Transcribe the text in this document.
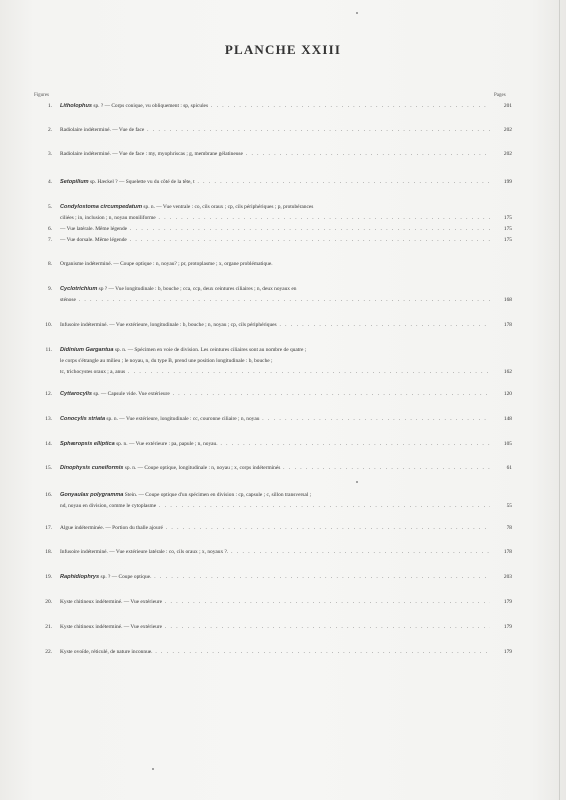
PLANCHE XXIII
Figures	Pages
1. Litholophus sp. ? — Corps conique, vu obliquement : sp, spicules . . .	201
2. Radiolaire indéterminé. — Vue de face . . .	202
3. Radiolaire indéterminé. — Vue de face : my, myophriscas ; g, membrane gélatineuse . . .	202
4. Setopilium sp. Hæckel ? — Squelette vu du côté de la tête, t . . .	199
5. Condylostoma circumpedatum sp. n. — Vue ventrale : co, cils oraux ; cp, cils périphériques ; p, protubérances
ciliées ; in, inclusion ; n, noyau moniliforme . . .	175
6. — Vue latérale. Même légende . . .	175
7. — Vue dorsale. Même légende . . .	175
8. Organisme indéterminé. — Coupe optique : n, noyau? ; pr, protoplasme ; x, organe problématique.
9. Cyclotrichium sp ? — Vue longitudinale : b, bouche ; cca, ccp, deux ceintures ciliaires ; n, deux noyaux en
sténose . . .	168
10. Infusoire indéterminé. — Vue extérieure, longitudinale : b, bouche ; n, noyau ; cp, cils périphériques . . .	178
11. Didinium Gargantua sp. n. — Spécimen en voie de division. Les ceintures ciliaires sont au nombre de quatre ;
le corps s'étrangle au milieu ; le noyau, n, du type B, prend une position longitudinale : b, bouche ;
tc, trichocystes oraux ; a, anus . . .	162
12. Cyttarocylis sp. — Capsule vide. Vue extérieure . . .	120
13. Conocylis striata sp. n. — Vue extérieure, longitudinale : cc, couronne ciliaire ; n, noyau . . .	148
14. Sphæropsis elliptica sp. n. — Vue extérieure : pa, papule ; n, noyau. . . .	105
15. Dinophysis cuneiformis sp. n. — Coupe optique, longitudinale : n, noyau ; x, corps indéterminés . . .	61
16. Gonyaulax polygramma Stein. — Coupe optique d'un spécimen en division : cp, capsule ; c, sillon transversal ;
nd, noyau en division, comme le cytoplasme . . .	55
17. Algue indéterminée. — Portion du thalle ajouré . . .	78
18. Infusoire indéterminé. — Vue extérieure latérale : co, cils oraux ; x, noyaux ?. . . .	178
19. Raphidiophrys sp. ? — Coupe optique. . . .	203
20. Kyste chitineux indéterminé. — Vue extérieure . . .	179
21. Kyste chitineux indéterminé. — Vue extérieure . . .	179
22. Kyste ovoïde, réticulé, de nature inconnue. . . .	179
